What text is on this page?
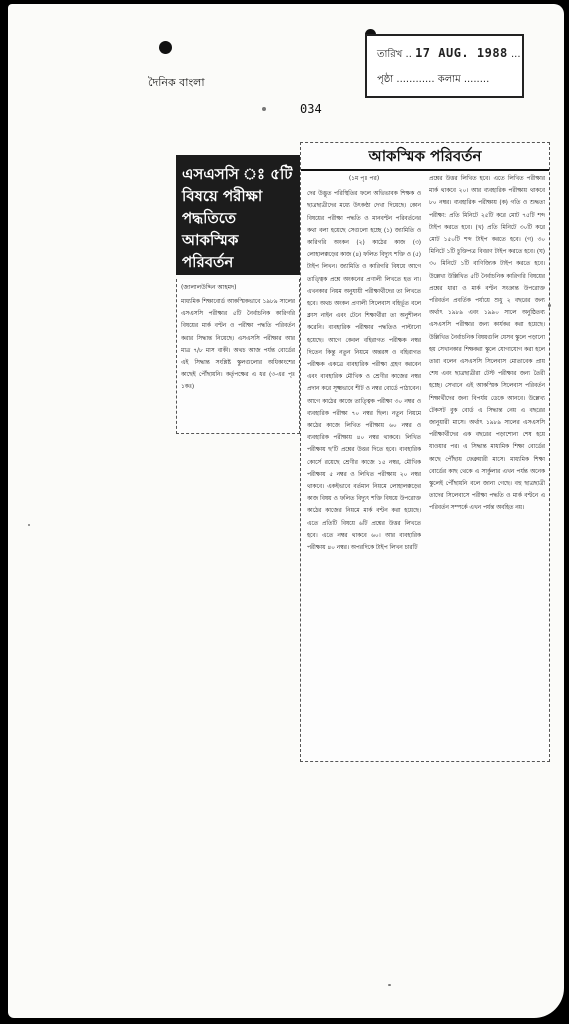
তারিখ .. 17 AUG. 1988 ...
পৃষ্ঠা ............ কলাম ........
দৈনিক বাংলা
034
এসএসসি ঃ ৫টি
বিষয়ে পরীক্ষা
পদ্ধতিতে
আকস্মিক
পরিবর্তন
(জালালউদ্দিন আহমদ)
মাধ্যমিক শিক্ষাবোর্ড আকস্মিকভাবে ১৯৮৯ সালের এসএসসি পরীক্ষার ৫টি নৈর্বাচনিক কারিগরি বিষয়ের মার্ক বণ্টন ও পরীক্ষা পদ্ধতি পরিবর্তন করার সিদ্ধান্ত নিয়েছে। এসএসসি পরীক্ষার আর মাত্র ৭/৮ মাস বাকী। অথচ আজ পর্যন্ত বোর্ডের এই সিদ্ধান্ত সংশ্লিষ্ট স্কুলগুলোর অধিকাংশের কাছেই পৌঁছায়নি। কর্তৃপক্ষের এ ধর (৩-এর পৃঃ ১কঃ)
আকস্মিক পরিবর্তন
(১ম পৃঃ পর)
দের উদ্ভূত পরিস্থিতির ফলে অভিভাবক শিক্ষক ও ছাত্রছাত্রীদের মধ্যে উৎকণ্ঠা দেখা দিয়েছে। কোন বিষয়ের পরীক্ষা পদ্ধতি ও মানবণ্টন পরিবর্তনের কথা বলা হয়েছে সেগুলো হচ্ছে (১) জ্যামিতি ও কারিগরি অংকন (২) কাঠের কাজ (৩) লোহালক্কড়ের কাজ (৪) ফলিত বিদ্যুৎ শক্তি ও (৫) টাইপ লিখন। জ্যামিতি ও কারিগরি বিষয়ে আগে তাত্ত্বিক প্রশ্নে অংকনের প্রণালী লিখতে হত না। এখনকার নিয়ম অনুযায়ী পরীক্ষার্থীদের তা লিখতে হবে। অথচ অংকন প্রণালী সিলেবাস বহির্ভূত বলে ক্লাস নাইন এবং টেনে শিক্ষার্থীরা তা অনুশীলন করেনি। ব্যবহারিক পরীক্ষার পদ্ধতিও পাল্টানো হয়েছে। আগে কেবল বহিরাগত পরীক্ষক নম্বর দিতেন কিন্তু নতুন নিয়মে অন্তরঙ্গ ও বহিরাগত পরীক্ষক একত্রে ব্যবহারিক পরীক্ষা গ্রহণ করবেন এবং ব্যবহারিক মৌখিক ও শ্রেণীর কাজের নম্বর প্রদান করে সূক্ষ্মভাবে শীট ও নম্বর বোর্ডে পাঠাবেন। আগে কাঠের কাজে তাত্ত্বিক পরীক্ষা ৩০ নম্বর ও ব্যবহারিক পরীক্ষা ৭০ নম্বর ছিল। নতুন নিয়মে কাঠের কাজে লিখিত পরীক্ষায় ৬০ নম্বর ও ব্যবহারিক পরীক্ষায় ৪০ নম্বর থাকবে। লিখিত পরীক্ষায় ছ'টি প্রশ্নের উত্তর দিতে হবে। ব্যবহারিক কোর্সে রয়েছে শ্রেণীর কাজে ১৫ নম্বর, মৌখিক পরীক্ষায় ৫ নম্বর ও লিখিত পরীক্ষায় ২০ নম্বর থাকবে। একইভাবে বর্তমান নিয়মে লোহালক্কড়ের কাজ বিষয় ও ফলিত বিদ্যুৎ শক্তি বিষয়ে উপরোক্ত কাঠের কাজের নিয়মে মার্ক বণ্টন করা হয়েছে। এতে প্রতিটি বিষয়ে ৬টি প্রশ্নের উত্তর লিখতে হবে। এতে নম্বর থাকবে ৬০। আর ব্যবহারিক পরীক্ষায় ৪০ নম্বর। অপরদিকে টাইপ লিখন চারটি
প্রশ্নের উত্তর লিখিত হবে। এতে লিখিত পরীক্ষার মার্ক থাকবে ২০। আর ব্যবহারিক পরীক্ষায় থাকবে ৮০ নম্বর। ব্যবহারিক পরীক্ষায় (ক) গতি ও শুদ্ধতা পরীক্ষা: প্রতি মিনিটে ২৫টি করে মোট ৭৫টি শব্দ টাইপ করতে হবে। (খ) প্রতি মিনিটে ৩০টি করে মোট ১৫০টি শব্দ টাইপ করতে হবে। (গ) ৩০ মিনিটে ১টি চুক্তিপত্র বিবরণ টাইপ করতে হবে। (ঘ) ৩০ মিনিটে ১টি বাণিজ্যিক টাইপ করতে হবে। উল্লেখ্য উল্লিখিত ৫টি নৈর্বাচনিক কারিগরি বিষয়ের প্রশ্নের ধারা ও মার্ক বণ্টন সংক্রান্ত উপরোক্ত পরিবর্তন প্রবর্তিক পর্যায়ে শুধু ২ বছরের জন্য অর্থাৎ ১৯৮৯ এবং ১৯৯০ সালে অনুষ্ঠিতব্য এসএসসি পরীক্ষার জন্য কার্যকর করা হয়েছে। উল্লিখিত নৈর্বাচনিক বিষয়গুলি যেসব স্কুলে পড়ানো হয় সেখানকার শিক্ষকরা স্কুলে যোগাযোগ করা হলে তারা বলেন এসএসসি সিলেবাস মোতাবেক প্রায় শেষ এবং ছাত্রছাত্রীরা টেস্ট পরীক্ষার জন্য তৈরী হচ্ছে। সেখানে এই আকস্মিক সিলেবাস পরিবর্তন শিক্ষার্থীদের জন্য বিপর্যয় ডেকে আনবে। উল্লেখ্য টেকসট বুক বোর্ড এ সিদ্ধান্ত নেয় এ বছরের জানুয়ারী মাসে। অর্থাৎ ১৯৮৯ সালের এসএসসি পরীক্ষার্থীদের এক বছরের পড়াশোনা শেষ হয়ে যাওয়ার পর। এ সিদ্ধান্ত মাধ্যমিক শিক্ষা বোর্ডের কাছে পৌঁছায় ফেব্রুয়ারী মাসে। মাধ্যমিক শিক্ষা বোর্ডের কাছ থেকে এ সার্কুলার এখন পর্যন্ত অনেক স্কুলেই পৌঁছায়নি বলে জানা গেছে। বহু ছাত্রছাত্রী তাদের সিলেবাসে পরীক্ষা পদ্ধতি ও মার্ক বণ্টনে এ পরিবর্তন সম্পর্কে এখন পর্যন্ত অবহিত নয়।
